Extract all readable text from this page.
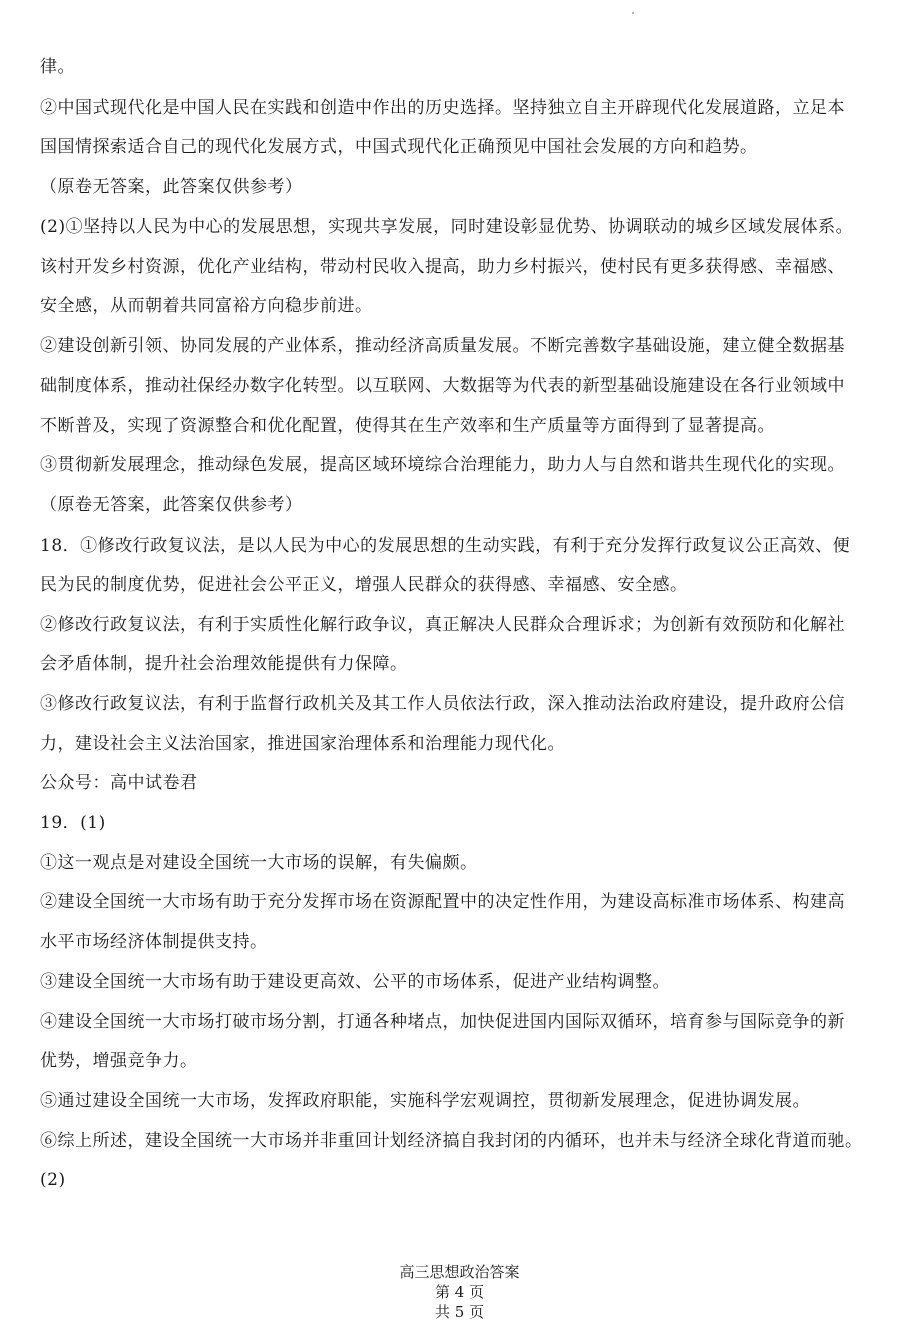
律。
②中国式现代化是中国人民在实践和创造中作出的历史选择。坚持独立自主开辟现代化发展道路，立足本
国国情探索适合自己的现代化发展方式，中国式现代化正确预见中国社会发展的方向和趋势。
（原卷无答案，此答案仅供参考）
(2)①坚持以人民为中心的发展思想，实现共享发展，同时建设彰显优势、协调联动的城乡区域发展体系。
该村开发乡村资源，优化产业结构，带动村民收入提高，助力乡村振兴，使村民有更多获得感、幸福感、
安全感，从而朝着共同富裕方向稳步前进。
②建设创新引领、协同发展的产业体系，推动经济高质量发展。不断完善数字基础设施，建立健全数据基
础制度体系，推动社保经办数字化转型。以互联网、大数据等为代表的新型基础设施建设在各行业领域中
不断普及，实现了资源整合和优化配置，使得其在生产效率和生产质量等方面得到了显著提高。
③贯彻新发展理念，推动绿色发展，提高区域环境综合治理能力，助力人与自然和谐共生现代化的实现。
（原卷无答案，此答案仅供参考）
18．①修改行政复议法，是以人民为中心的发展思想的生动实践，有利于充分发挥行政复议公正高效、便
民为民的制度优势，促进社会公平正义，增强人民群众的获得感、幸福感、安全感。
②修改行政复议法，有利于实质性化解行政争议，真正解决人民群众合理诉求；为创新有效预防和化解社
会矛盾体制，提升社会治理效能提供有力保障。
③修改行政复议法，有利于监督行政机关及其工作人员依法行政，深入推动法治政府建设，提升政府公信
力，建设社会主义法治国家，推进国家治理体系和治理能力现代化。
公众号：高中试卷君
19．(1)
①这一观点是对建设全国统一大市场的误解，有失偏颇。
②建设全国统一大市场有助于充分发挥市场在资源配置中的决定性作用，为建设高标准市场体系、构建高
水平市场经济体制提供支持。
③建设全国统一大市场有助于建设更高效、公平的市场体系，促进产业结构调整。
④建设全国统一大市场打破市场分割，打通各种堵点，加快促进国内国际双循环，培育参与国际竞争的新
优势，增强竞争力。
⑤通过建设全国统一大市场，发挥政府职能，实施科学宏观调控，贯彻新发展理念，促进协调发展。
⑥综上所述，建设全国统一大市场并非重回计划经济搞自我封闭的内循环，也并未与经济全球化背道而驰。
(2)

高三思想政治答案
第 4 页
共 5 页
